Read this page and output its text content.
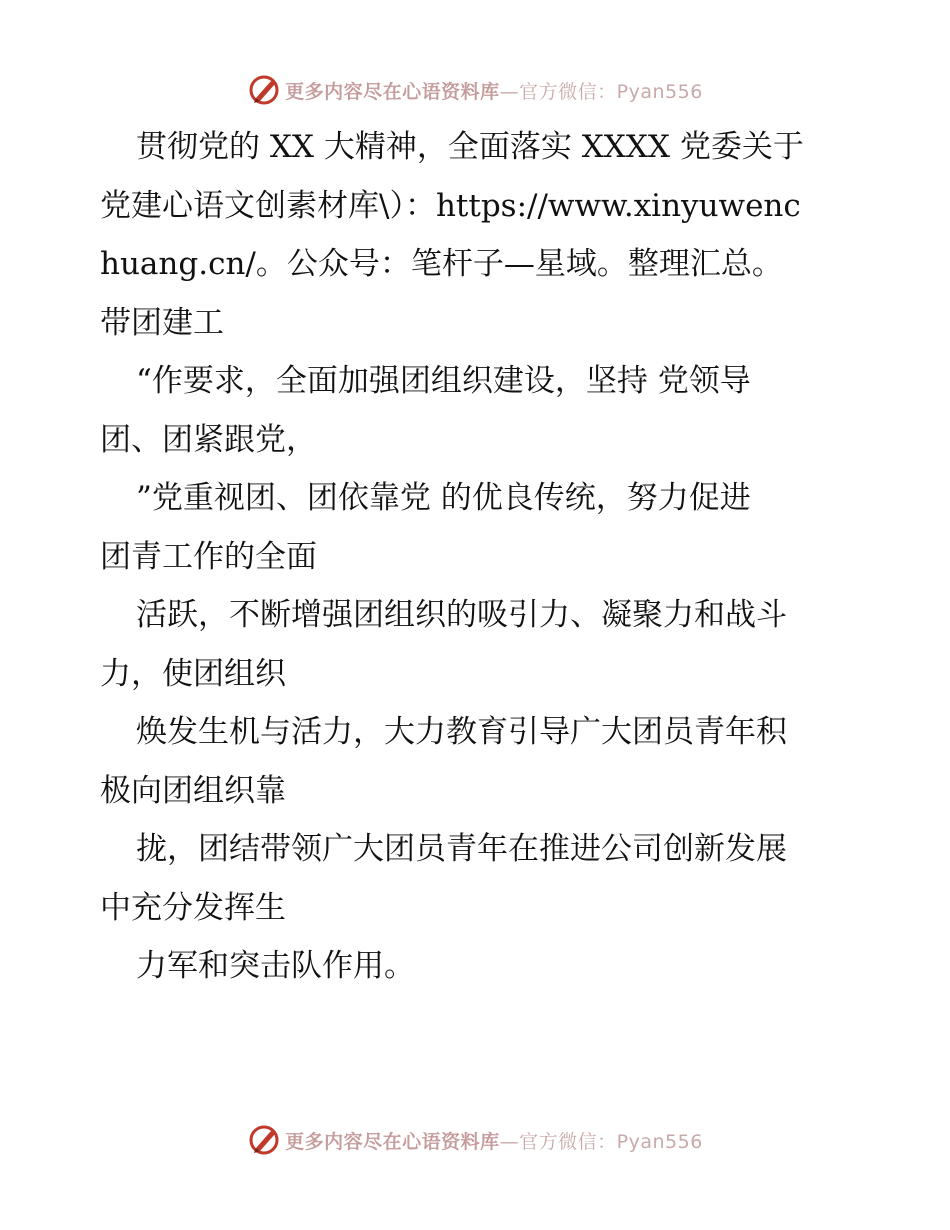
更多内容尽在心语资料库—官方微信：Pyan556
贯彻党的 XX 大精神，全面落实 XXXX 党委关于
党建心语文创素材库\）：https://www.xinyuwenc
huang.cn/。公众号：笔杆子—星域。整理汇总。
带团建工
“作要求，全面加强团组织建设，坚持 党领导
团、团紧跟党，
”党重视团、团依靠党 的优良传统，努力促进
团青工作的全面
活跃，不断增强团组织的吸引力、凝聚力和战斗
力，使团组织
焕发生机与活力，大力教育引导广大团员青年积
极向团组织靠
拢，团结带领广大团员青年在推进公司创新发展
中充分发挥生
力军和突击队作用。
更多内容尽在心语资料库—官方微信：Pyan556
